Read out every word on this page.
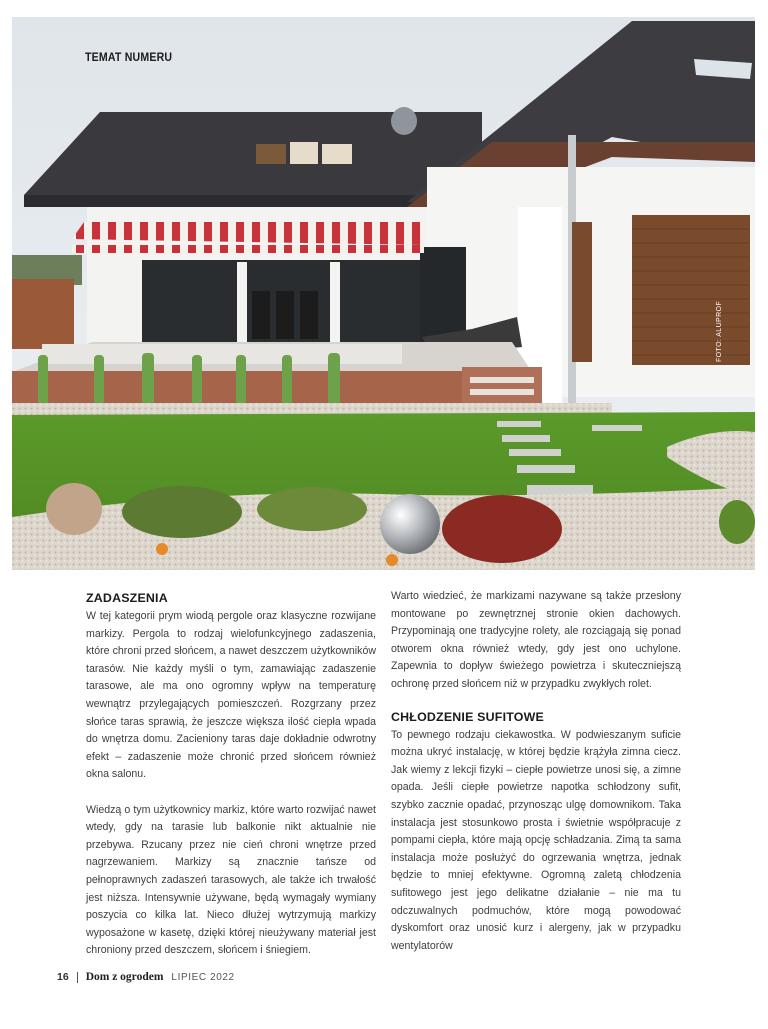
TEMAT NUMERU
FOTO: ALUPROF
ZADASZENIA

W tej kategorii prym wiodą pergole oraz klasyczne rozwijane markizy. Pergola to rodzaj wielofunkcyjnego zadaszenia, które chroni przed słońcem, a nawet deszczem użytkowników tarasów. Nie każdy myśli o tym, zamawiając zadaszenie tarasowe, ale ma ono ogromny wpływ na temperaturę wewnątrz przylegających pomieszczeń. Rozgrzany przez słońce taras sprawią, że jeszcze większa ilość ciepła wpada do wnętrza domu. Zacieniony taras daje dokładnie odwrotny efekt – zadaszenie może chronić przed słońcem również okna salonu.

Wiedzą o tym użytkownicy markiz, które warto rozwijać nawet wtedy, gdy na tarasie lub balkonie nikt aktualnie nie przebywa. Rzucany przez nie cień chroni wnętrze przed nagrzewaniem. Markizy są znacznie tańsze od pełnoprawnych zadaszeń tarasowych, ale także ich trwałość jest niższa. Intensywnie używane, będą wymagały wymiany poszycia co kilka lat. Nieco dłużej wytrzymują markizy wyposażone w kasetę, dzięki której nieużywany materiał jest chroniony przed deszczem, słońcem i śniegiem.

Warto wiedzieć, że markizami nazywane są także przesłony montowane po zewnętrznej stronie okien dachowych. Przypominają one tradycyjne rolety, ale rozciągają się ponad otworem okna również wtedy, gdy jest ono uchylone. Zapewnia to dopływ świeżego powietrza i skuteczniejszą ochronę przed słońcem niż w przypadku zwykłych rolet.

CHŁODZENIE SUFITOWE

To pewnego rodzaju ciekawostka. W podwieszanym suficie można ukryć instalację, w której będzie krążyła zimna ciecz. Jak wiemy z lekcji fizyki – ciepłe powietrze unosi się, a zimne opada. Jeśli ciepłe powietrze napotka schłodzony sufit, szybko zacznie opadać, przynosząc ulgę domownikom. Taka instalacja jest stosunkowo prosta i świetnie współpracuje z pompami ciepła, które mają opcję schładzania. Zimą ta sama instalacja może posłużyć do ogrzewania wnętrza, jednak będzie to mniej efektywne. Ogromną zaletą chłodzenia sufitowego jest jego delikatne działanie – nie ma tu odczuwalnych podmuchów, które mogą powodować dyskomfort oraz unosić kurz i alergeny, jak w przypadku wentylatorów

16 Dom z ogrodem LIPIEC 2022
